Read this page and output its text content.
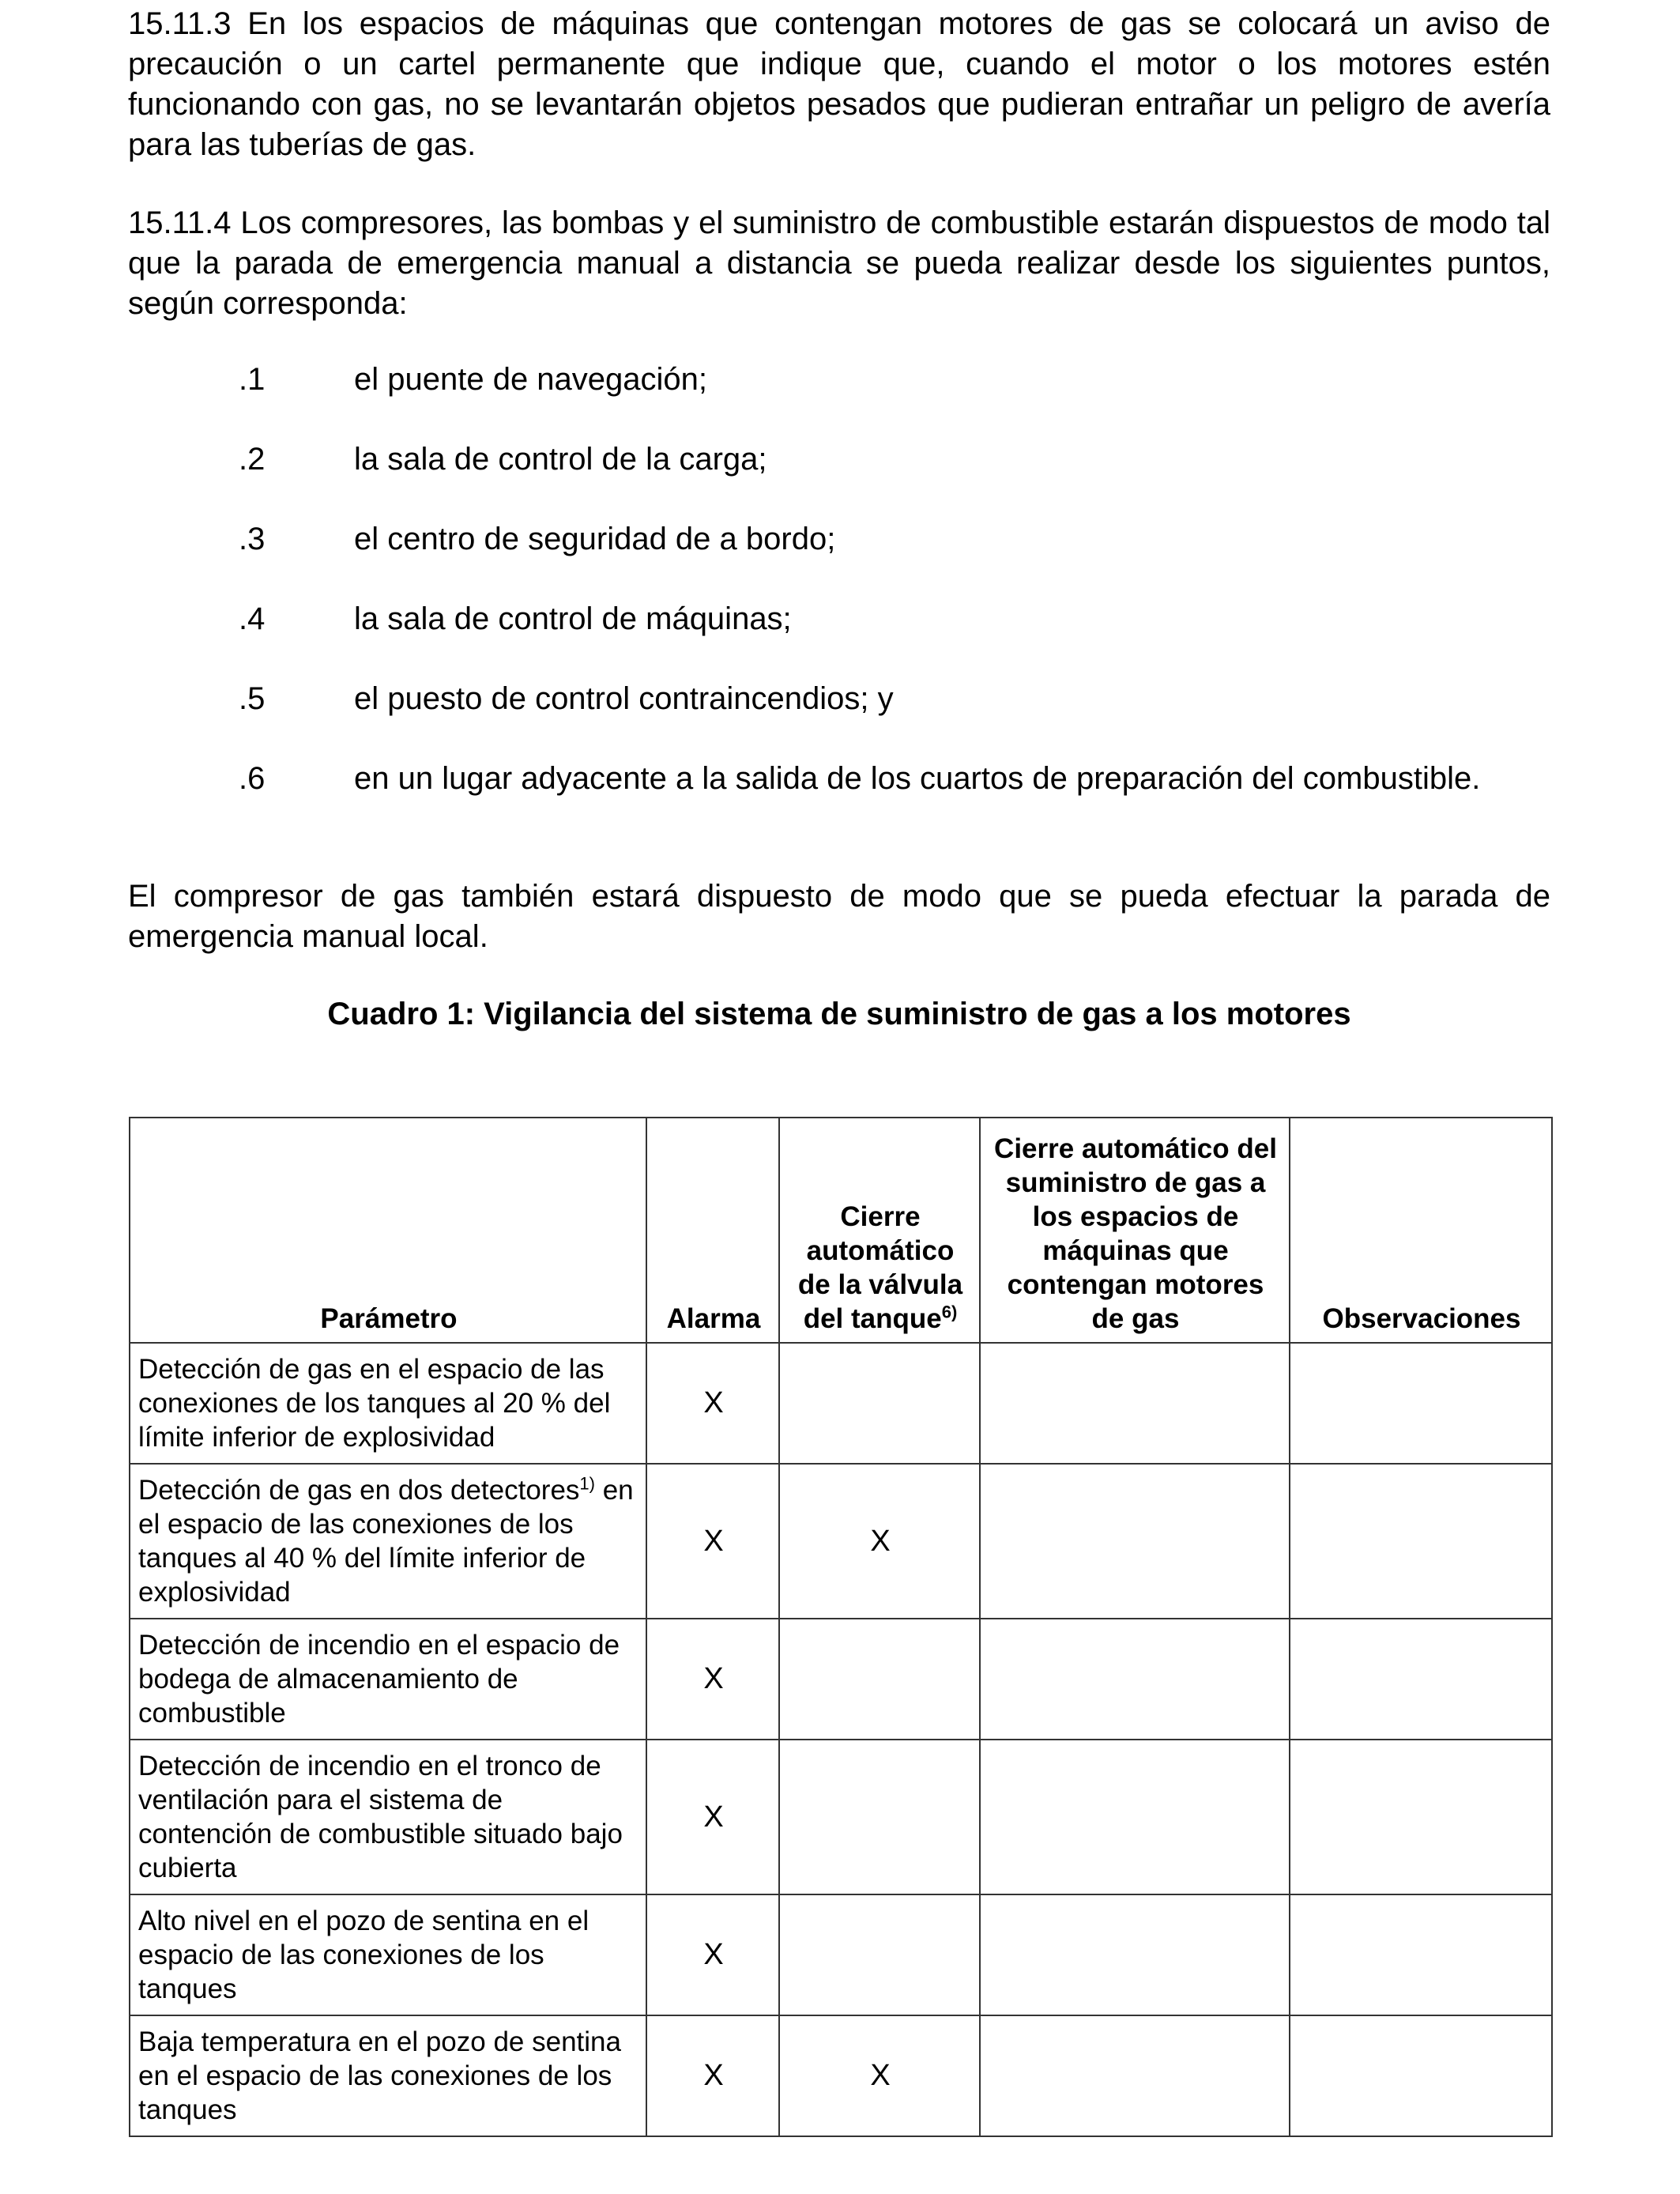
15.11.3 En los espacios de máquinas que contengan motores de gas se colocará un aviso de precaución o un cartel permanente que indique que, cuando el motor o los motores estén funcionando con gas, no se levantarán objetos pesados que pudieran entrañar un peligro de avería para las tuberías de gas.

15.11.4 Los compresores, las bombas y el suministro de combustible estarán dispuestos de modo tal que la parada de emergencia manual a distancia se pueda realizar desde los siguientes puntos, según corresponda:

.1	el puente de navegación;
.2	la sala de control de la carga;
.3	el centro de seguridad de a bordo;
.4	la sala de control de máquinas;
.5	el puesto de control contraincendios; y
.6	en un lugar adyacente a la salida de los cuartos de preparación del combustible.

El compresor de gas también estará dispuesto de modo que se pueda efectuar la parada de emergencia manual local.

Cuadro 1: Vigilancia del sistema de suministro de gas a los motores
Parámetro	Alarma	Cierre automático de la válvula del tanque$^{6)}$	Cierre automático del suministro de gas a los espacios de máquinas que contengan motores de gas	Observaciones
Detección de gas en el espacio de las conexiones de los tanques al 20 % del límite inferior de explosividad	X			
Detección de gas en dos detectores$^{1)}$ en el espacio de las conexiones de los tanques al 40 % del límite inferior de explosividad	X	X		
Detección de incendio en el espacio de bodega de almacenamiento de combustible	X			
Detección de incendio en el tronco de ventilación para el sistema de contención de combustible situado bajo cubierta	X			
Alto nivel en el pozo de sentina en el espacio de las conexiones de los tanques	X			
Baja temperatura en el pozo de sentina en el espacio de las conexiones de los tanques	X	X		
